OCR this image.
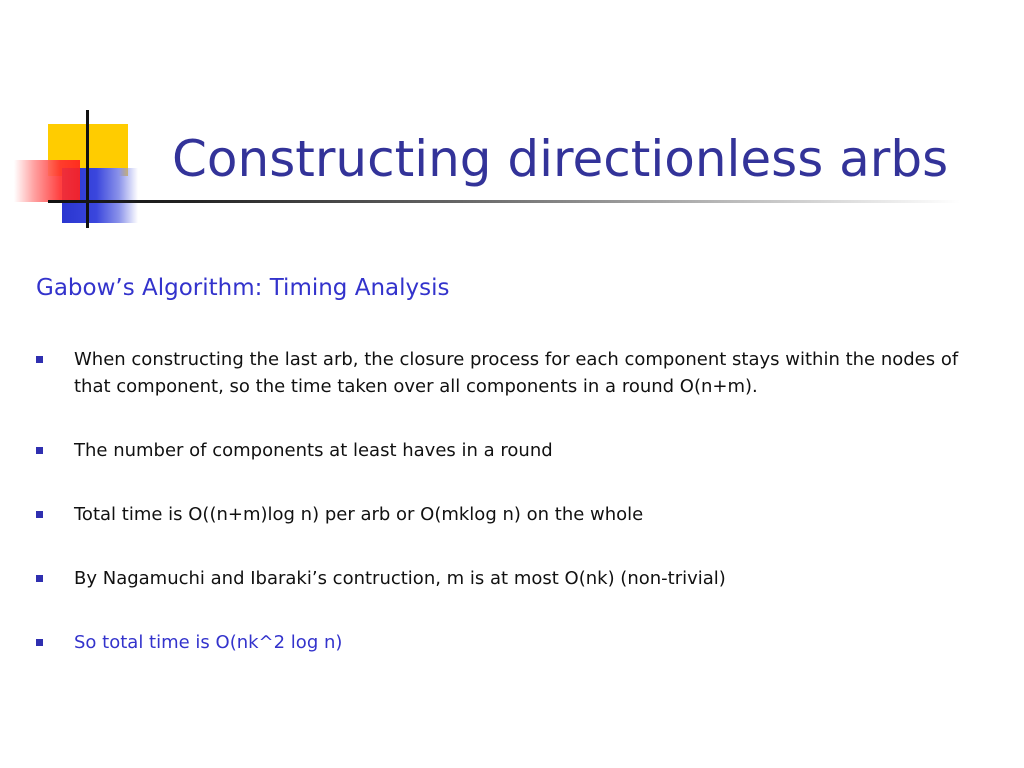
Constructing directionless arbs
Gabow’s Algorithm: Timing Analysis
When constructing the last arb, the closure process for each component stays within the nodes of that component, so the time taken over all components in a round O(n+m).
The number of components at least haves in a round
Total time is O((n+m)log n) per arb or O(mklog n) on the whole
By Nagamuchi and Ibaraki’s contruction, m is at most O(nk) (non-trivial)
So total time is O(nk^2 log n)
